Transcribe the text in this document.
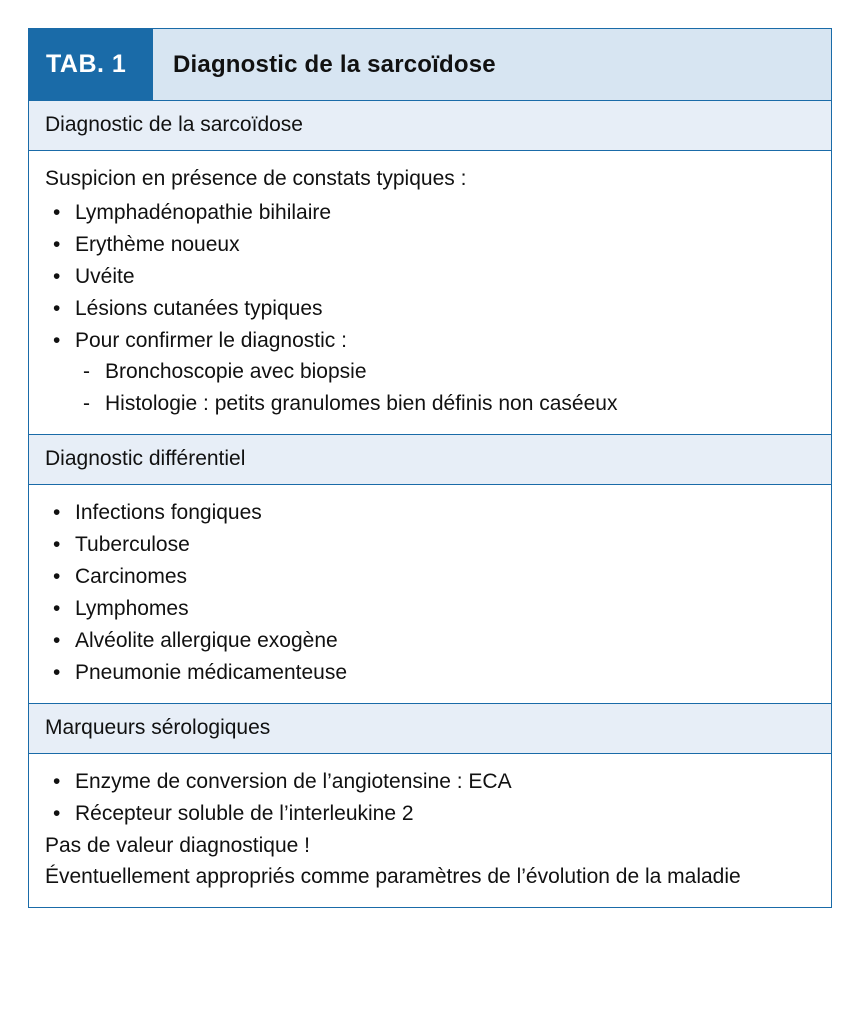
TAB. 1	Diagnostic de la sarcoïdose
Diagnostic de la sarcoïdose
Suspicion en présence de constats typiques :
• Lymphadénopathie bihilaire
• Erythème noueux
• Uvéite
• Lésions cutanées typiques
• Pour confirmer le diagnostic :
- Bronchoscopie avec biopsie
- Histologie : petits granulomes bien définis non caséeux
Diagnostic différentiel
• Infections fongiques
• Tuberculose
• Carcinomes
• Lymphomes
• Alvéolite allergique exogène
• Pneumonie médicamenteuse
Marqueurs sérologiques
• Enzyme de conversion de l’angiotensine : ECA
• Récepteur soluble de l’interleukine 2
Pas de valeur diagnostique !
Éventuellement appropriés comme paramètres de l’évolution de la maladie
